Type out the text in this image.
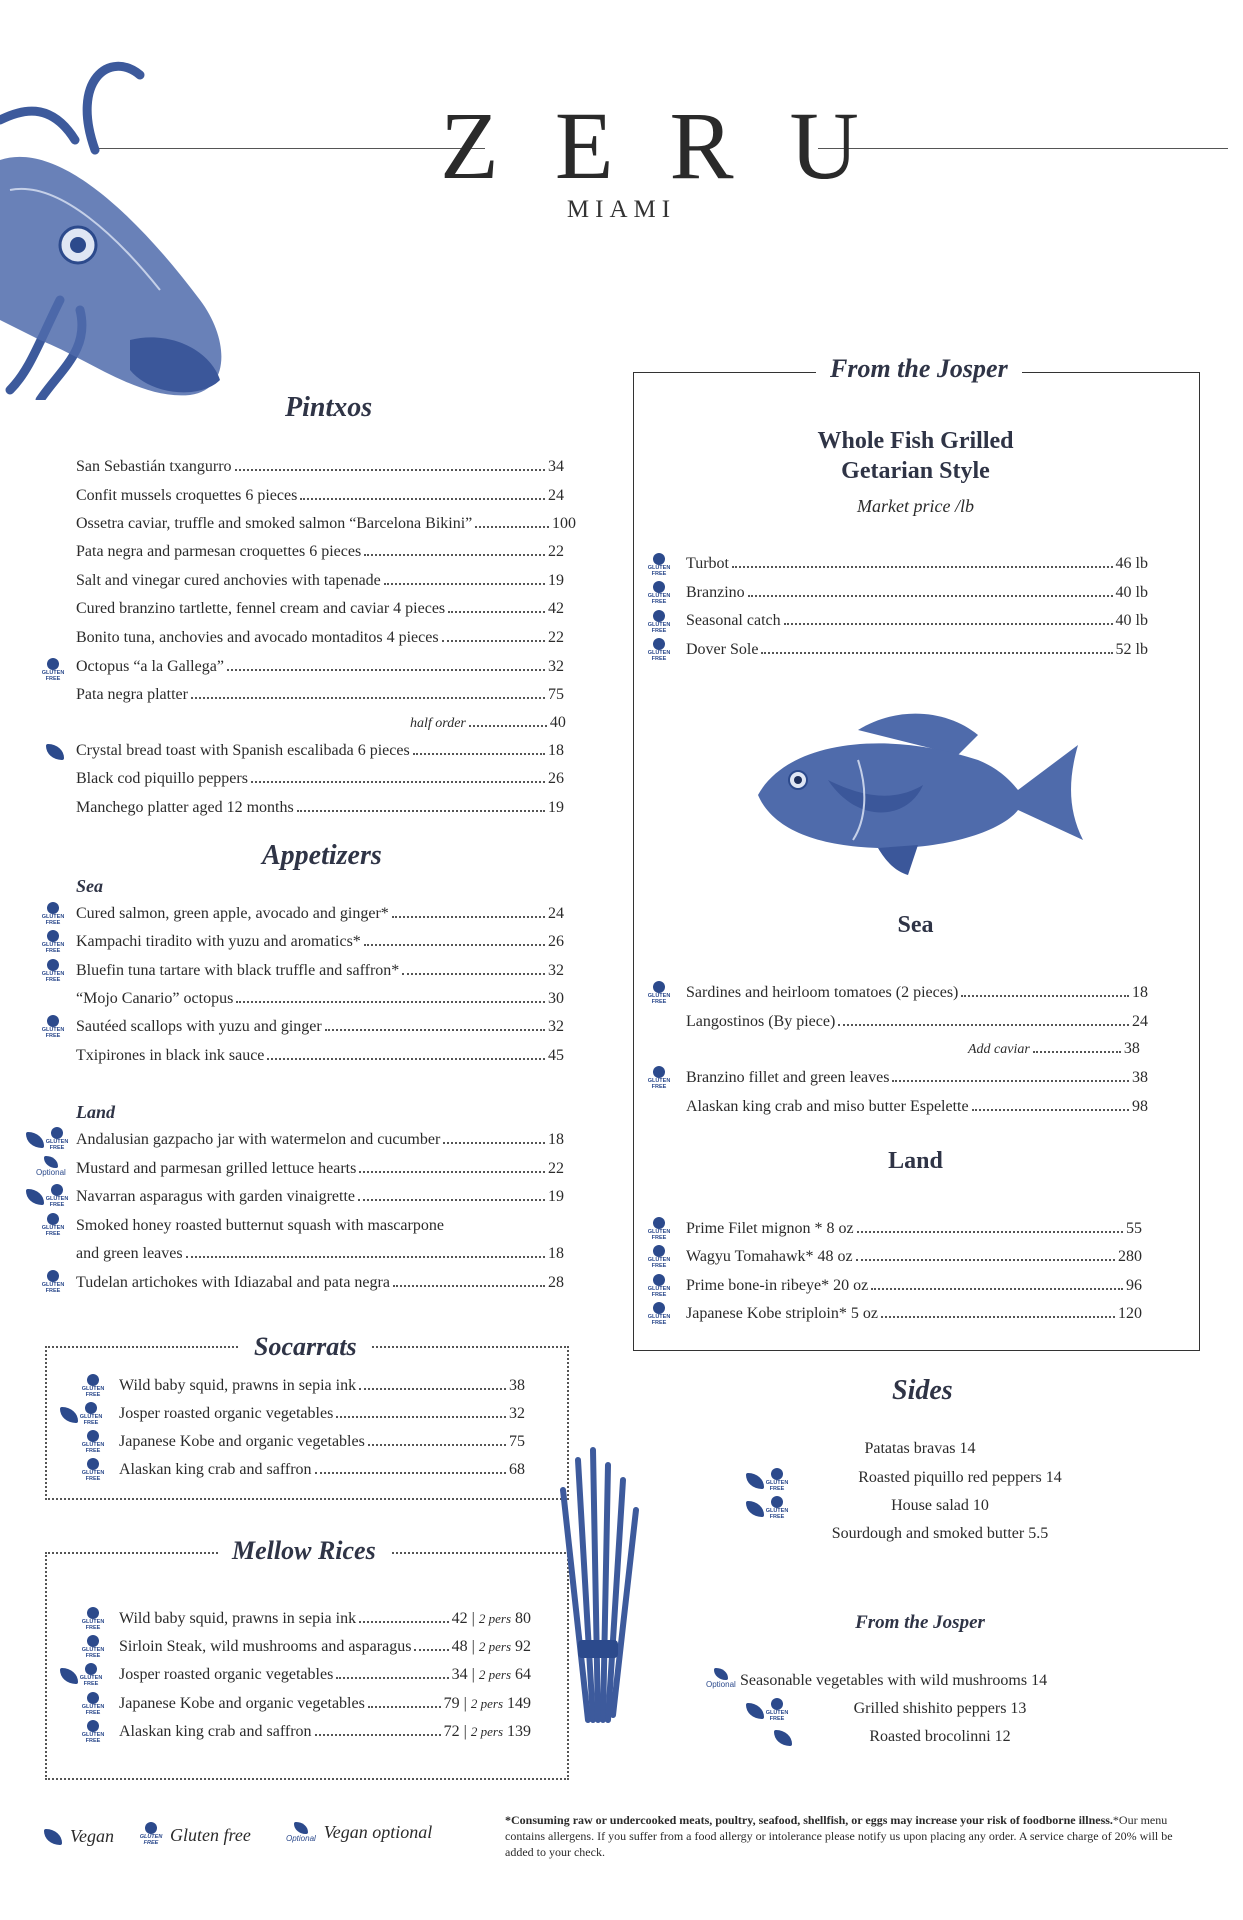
ZERU
MIAMI
Pintxos
San Sebastián txangurro	34
Confit mussels croquettes 6 pieces	24
Ossetra caviar, truffle and smoked salmon “Barcelona Bikini”	100
Pata negra and parmesan croquettes 6 pieces	22
Salt and vinegar cured anchovies with tapenade	19
Cured branzino tartlette, fennel cream and caviar 4 pieces	42
Bonito tuna, anchovies and avocado montaditos 4 pieces	22
GLUTEN FREE
Octopus “a la Gallega”	32
Pata negra platter	75
half order	40
Crystal bread toast with Spanish escalibada 6 pieces	18
Black cod piquillo peppers	26
Manchego platter aged 12 months	19
Appetizers
Sea
GLUTEN FREE
Cured salmon, green apple, avocado and ginger*	24
GLUTEN FREE
Kampachi tiradito with yuzu and aromatics*	26
GLUTEN FREE
Bluefin tuna tartare with black truffle and saffron*	32
“Mojo Canario” octopus	30
GLUTEN FREE
Sautéed scallops with yuzu and ginger	32
Txipirones in black ink sauce	45
Land
GLUTEN FREE Andalusian gazpacho jar with watermelon and cucumber	18
Optional Mustard and parmesan grilled lettuce hearts	22
GLUTEN FREE Navarran asparagus with garden vinaigrette	19
GLUTEN FREE Smoked honey roasted butternut squash with mascarpone
and green leaves	18
GLUTEN FREE Tudelan artichokes with Idiazabal and pata negra	28
Socarrats
GLUTEN FREE
Wild baby squid, prawns in sepia ink	38
GLUTEN FREE
Josper roasted organic vegetables	32
GLUTEN FREE
Japanese Kobe and organic vegetables	75
GLUTEN FREE
Alaskan king crab and saffron	68
Mellow Rices
GLUTEN FREE
Wild baby squid, prawns in sepia ink	42 | 2 pers 80
GLUTEN FREE
Sirloin Steak, wild mushrooms and asparagus	48 | 2 pers 92
GLUTEN FREE
Josper roasted organic vegetables	34 | 2 pers 64
GLUTEN FREE
Japanese Kobe and organic vegetables	79 | 2 pers 149
GLUTEN FREE
Alaskan king crab and saffron	72 | 2 pers 139
From the Josper
Whole Fish Grilled
Getarian Style
Market price /lb
GLUTEN FREE
Turbot	46 lb
GLUTEN FREE
Branzino	40 lb
GLUTEN FREE
Seasonal catch	40 lb
GLUTEN FREE
Dover Sole	52 lb
Sea
GLUTEN FREE
Sardines and heirloom tomatoes (2 pieces)	18
Langostinos (By piece)	24
Add caviar	38
GLUTEN FREE
Branzino fillet and green leaves	38
Alaskan king crab and miso butter Espelette	98
Land
GLUTEN FREE
Prime Filet mignon * 8 oz	55
GLUTEN FREE
Wagyu Tomahawk* 48 oz	280
GLUTEN FREE
Prime bone-in ribeye* 20 oz	96
GLUTEN FREE
Japanese Kobe striploin* 5 oz	120
Sides
Patatas bravas 14
GLUTEN FREE
Roasted piquillo red peppers 14
GLUTEN FREE
House salad 10
Sourdough and smoked butter 5.5
From the Josper
Optional Seasonable vegetables with wild mushrooms 14
GLUTEN FREE
Grilled shishito peppers 13
Roasted brocolinni 12
Vegan	GLUTEN FREE Gluten free	Optional Vegan optional
*Consuming raw or undercooked meats, poultry, seafood, shellfish, or eggs may increase your risk of foodborne illness.*Our menu contains allergens. If you suffer from a food allergy or intolerance please notify us upon placing any order. A service charge of 20% will be added to your check.
